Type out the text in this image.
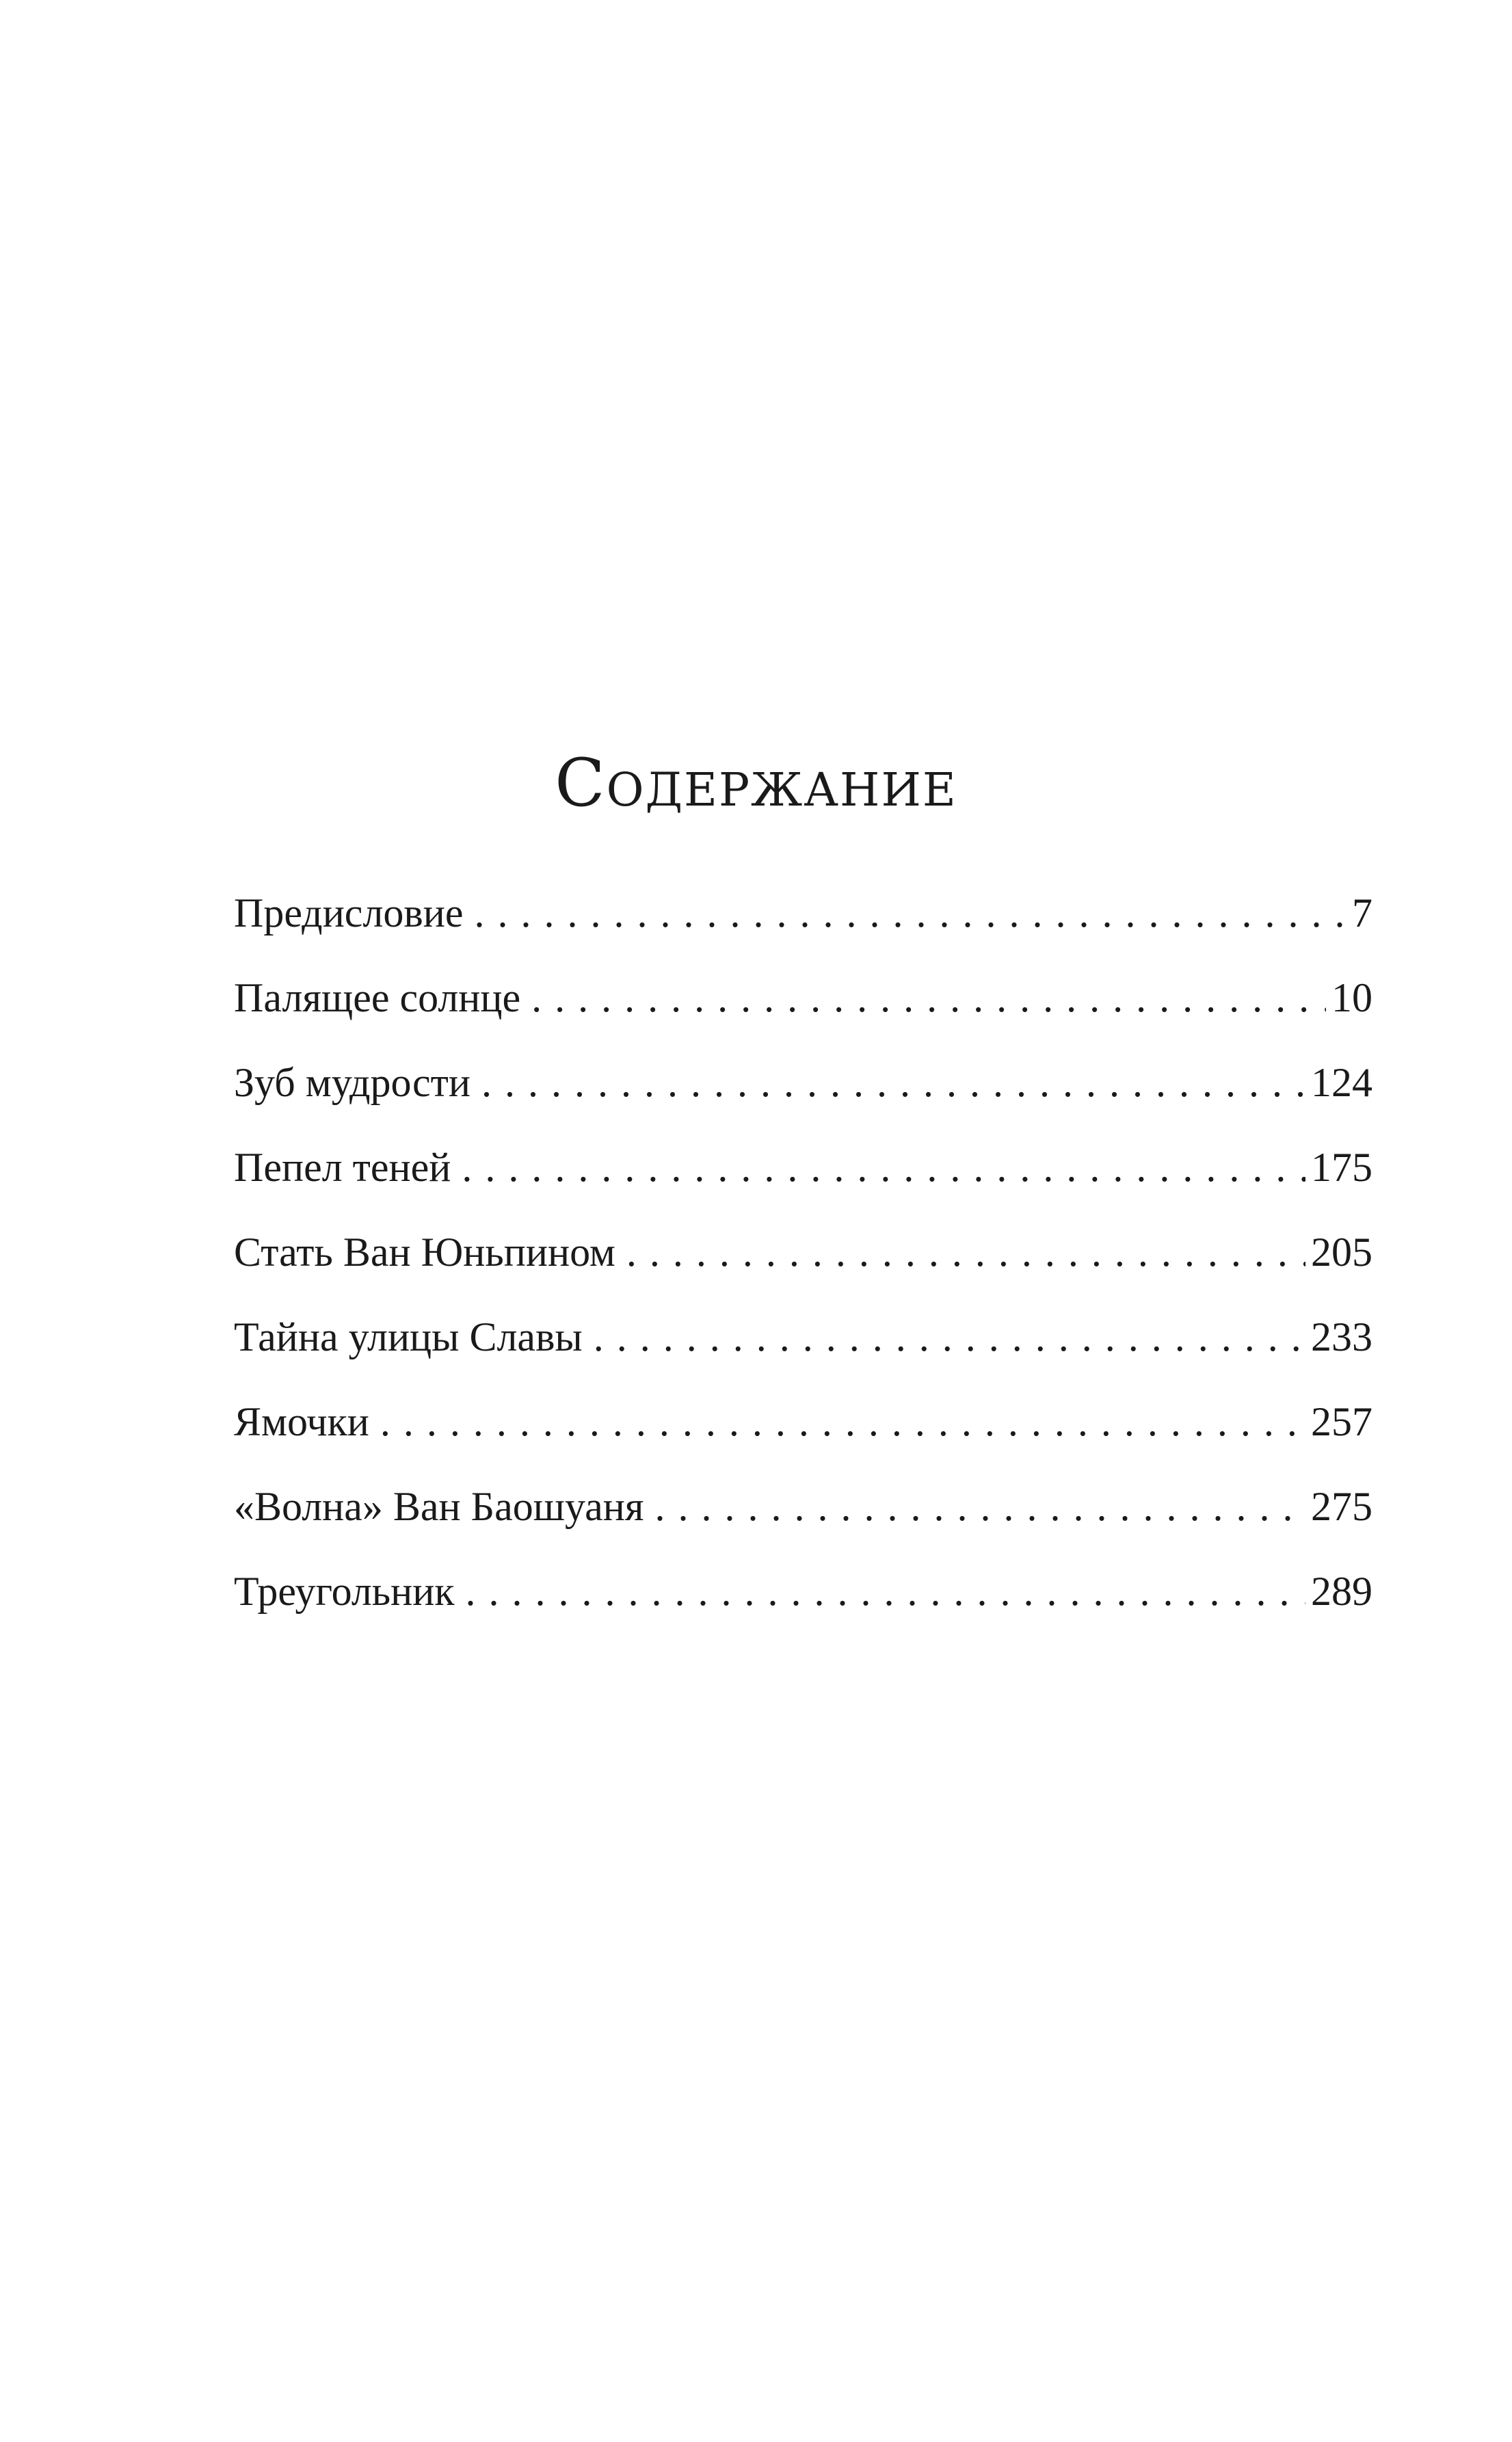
Содержание
Предисловие . . .	7
Палящее солнце . . .	10
Зуб мудрости . . .	124
Пепел теней . . .	175
Стать Ван Юньпином . . .	205
Тайна улицы Славы . . .	233
Ямочки . . .	257
«Волна» Ван Баошуаня . . .	275
Треугольник . . .	289
